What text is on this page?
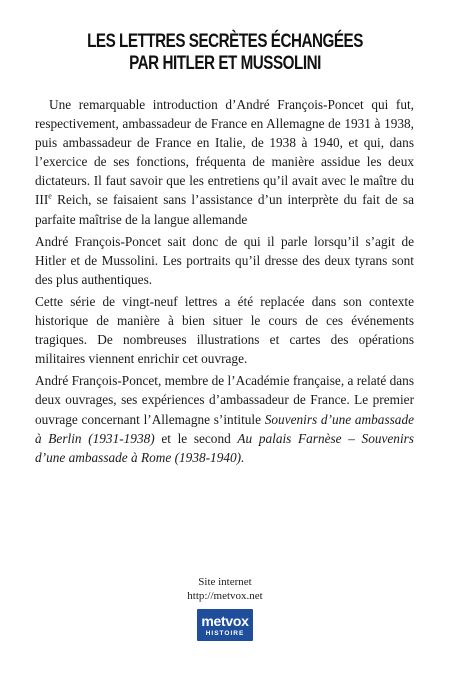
LES LETTRES SECRÈTES ÉCHANGÉES
PAR HITLER ET MUSSOLINI

Une remarquable introduction d’André François-Poncet qui fut, respectivement, ambassadeur de France en Allemagne de 1931 à 1938, puis ambassadeur de France en Italie, de 1938 à 1940, et qui, dans l’exercice de ses fonctions, fréquenta de manière assidue les deux dictateurs. Il faut savoir que les entretiens qu’il avait avec le maître du IIIe Reich, se faisaient sans l’assistance d’un interprète du fait de sa parfaite maîtrise de la langue allemande

André François-Poncet sait donc de qui il parle lorsqu’il s’agit de Hitler et de Mussolini. Les portraits qu’il dresse des deux tyrans sont des plus authentiques.

Cette série de vingt-neuf lettres a été replacée dans son contexte historique de manière à bien situer le cours de ces événements tragiques. De nombreuses illustrations et cartes des opérations militaires viennent enrichir cet ouvrage.

André François-Poncet, membre de l’Académie française, a relaté dans deux ouvrages, ses expériences d’ambassadeur de France. Le premier ouvrage concernant l’Allemagne s’intitule Souvenirs d’une ambassade à Berlin (1931-1938) et le second Au palais Farnèse – Souvenirs d’une ambassade à Rome (1938-1940).

Site internet
http://metvox.net
metvox
HISTOIRE
